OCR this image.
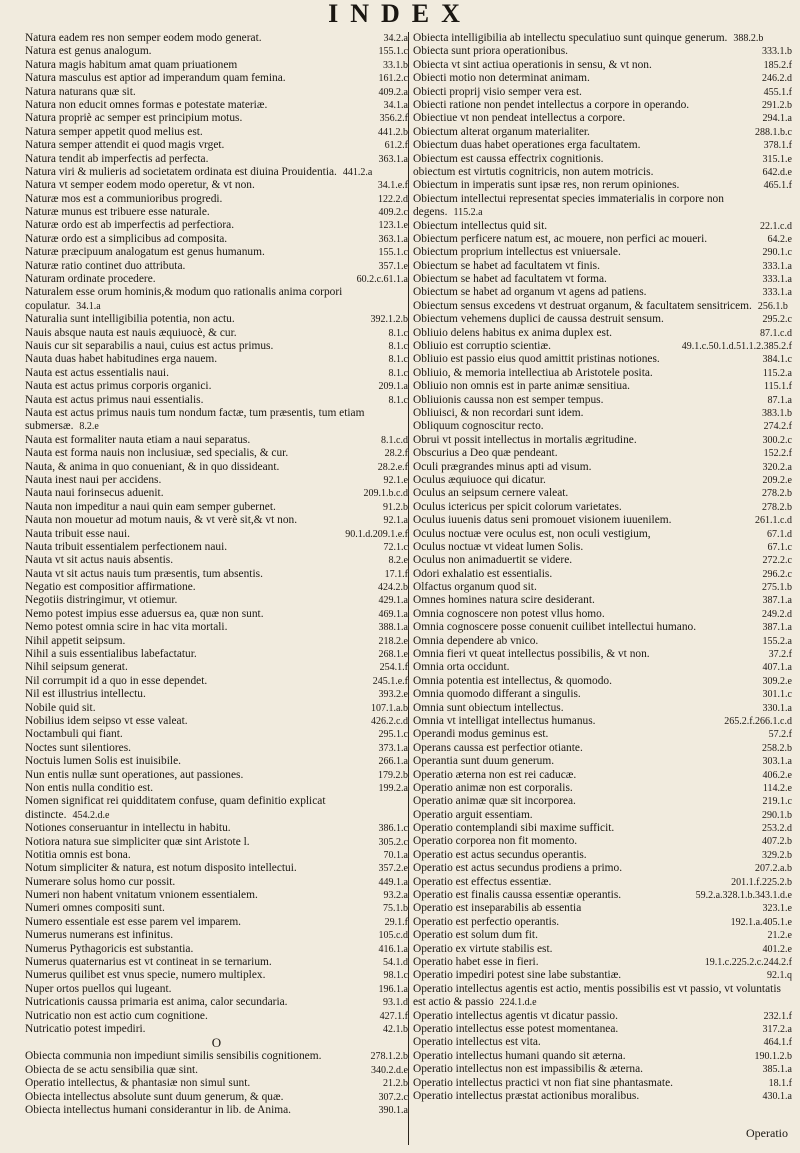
INDEX
Natura eadem res non semper eodem modo generat.	34.2.a
Natura est genus analogum.	155.1.c
Natura magis habitum amat quam priuationem	33.1.b
Natura masculus est aptior ad imperandum quam femina.	161.2.c
Natura naturans quæ sit.	409.2.a
Natura non educit omnes formas e potestate materiæ.	34.1.a
Natura propriè ac semper est principium motus.	356.2.f
Natura semper appetit quod melius est.	441.2.b
Natura semper attendit ei quod magis vrget.	61.2.f
Natura tendit ab imperfectis ad perfecta.	363.1.a
Natura viri & mulieris ad societatem ordinata est diuina Prouidentia. 441.2.a
Natura vt semper eodem modo operetur, & vt non.	34.1.e.f
Naturæ mos est a communioribus progredi.	122.2.d
Naturæ munus est tribuere esse naturale.	409.2.c
Naturæ ordo est ab imperfectis ad perfectiora.	123.1.e
Naturæ ordo est a simplicibus ad composita.	363.1.a
Naturæ præcipuum analogatum est genus humanum.	155.1.c
Naturæ ratio continet duo attributa.	357.1.e
Naturam ordinate procedere.	60.2.c.61.1.a
Naturalem esse orum hominis,& modum quo rationalis anima corpori copulatur. 34.1.a
Naturalia sunt intelligibilia potentia, non actu.	392.1.2.b
Nauis absque nauta est nauis æquiuocè, & cur.	8.1.c
Nauis cur sit separabilis a naui, cuius est actus primus.	8.1.c
Nauta duas habet habitudines erga nauem.	8.1.c
Nauta est actus essentialis naui.	8.1.c
Nauta est actus primus corporis organici.	209.1.a
Nauta est actus primus naui essentialis.	8.1.c
Nauta est actus primus nauis tum nondum factæ, tum præsentis, tum etiam submersæ. 8.2.e
Nauta est formaliter nauta etiam a naui separatus.	8.1.c.d
Nauta est forma nauis non inclusiuæ, sed specialis, & cur.	28.2.f
Nauta, & anima in quo conueniant, & in quo dissideant.	28.2.e.f
Nauta inest naui per accidens.	92.1.e
Nauta naui forinsecus aduenit.	209.1.b.c.d
Nauta non impeditur a naui quin eam semper gubernet.	91.2.b
Nauta non mouetur ad motum nauis, & vt verè sit,& vt non.	92.1.a
Nauta tribuit esse naui.	90.1.d.209.1.e.f
Nauta tribuit essentialem perfectionem naui.	72.1.c
Nauta vt sit actus nauis absentis.	8.2.e
Nauta vt sit actus nauis tum præsentis, tum absentis.	17.1.f
Negatio est compositior affirmatione.	424.2.b
Negotiis distringimur, vt otiemur.	429.1.a
Nemo potest impius esse aduersus ea, quæ non sunt.	469.1.a
Nemo potest omnia scire in hac vita mortali.	388.1.a
Nihil appetit seipsum.	218.2.e
Nihil a suis essentialibus labefactatur.	268.1.e
Nihil seipsum generat.	254.1.f
Nil corrumpit id a quo in esse dependet.	245.1.e.f
Nil est illustrius intellectu.	393.2.e
Nobile quid sit.	107.1.a.b
Nobilius idem seipso vt esse valeat.	426.2.c.d
Noctambuli qui fiant.	295.1.c
Noctes sunt silentiores.	373.1.a
Noctuis lumen Solis est inuisibile.	266.1.a
Nun entis nullæ sunt operationes, aut passiones.	179.2.b
Non entis nulla conditio est.	199.2.a
Nomen significat rei quidditatem confuse, quam definitio explicat distincte. 454.2.d.e
Notiones conseruantur in intellectu in habitu.	386.1.c
Notiora natura sue simpliciter quæ sint Aristote l.	305.2.c
Notitia omnis est bona.	70.1.a
Notum simpliciter & natura, est notum disposito intellectui.	357.2.e
Numerare solus homo cur possit.	449.1.a
Numeri non habent vnitatum vnionem essentialem.	93.2.a
Numeri omnes compositi sunt.	75.1.b
Numero essentiale est esse parem vel imparem.	29.1.f
Numerus numerans est infinitus.	105.c.d
Numerus Pythagoricis est substantia.	416.1.a
Numerus quaternarius est vt contineat in se ternarium.	54.1.d
Numerus quilibet est vnus specie, numero multiplex.	98.1.c
Nuper ortos puellos qui lugeant.	196.1.a
Nutricationis caussa primaria est anima, calor secundaria.	93.1.d
Nutricatio non est actio cum cognitione.	427.1.f
Nutricatio potest impediri.	42.1.b
O
Obiecta communia non impediunt similis sensibilis cognitionem.	278.1.2.b
Obiecta de se actu sensibilia quæ sint.	340.2.d.e
Operatio intellectus, & phantasiæ non simul sunt.	21.2.b
Obiecta intellectus absolute sunt duum generum, & quæ.	307.2.c
Obiecta intellectus humani considerantur in lib. de Anima.	390.1.a
Obiecta intelligibilia ab intellectu speculatiuo sunt quinque generum. 388.2.b
Obiecta sunt priora operationibus.	333.1.b
Obiecta vt sint actiua operationis in sensu, & vt non.	185.2.f
Obiecti motio non determinat animam.	246.2.d
Obiecti proprij visio semper vera est.	455.1.f
Obiecti ratione non pendet intellectus a corpore in operando.	291.2.b
Obiectiue vt non pendeat intellectus a corpore.	294.1.a
Obiectum alterat organum materialiter.	288.1.b.c
Obiectum duas habet operationes erga facultatem.	378.1.f
Obiectum est caussa effectrix cognitionis.	315.1.e
obiectum est virtutis cognitricis, non autem motricis.	642.d.e
Obiectum in imperatis sunt ipsæ res, non rerum opiniones.	465.1.f
Obiectum intellectui representat species immaterialis in corpore non degens. 115.2.a
Obiectum intellectus quid sit.	22.1.c.d
Obiectum perficere natum est, ac mouere, non perfici ac moueri.	64.2.e
Obiectum proprium intellectus est vniuersale.	290.1.c
Obiectum se habet ad facultatem vt finis.	333.1.a
Obiectum se habet ad facultatem vt forma.	333.1.a
Obiectum se habet ad organum vt agens ad patiens.	333.1.a
Obiectum sensus excedens vt destruat organum, & facultatem sensitricem. 256.1.b
Obiectum vehemens duplici de caussa destruit sensum.	295.2.c
Obliuio delens habitus ex anima duplex est.	87.1.c.d
Obliuio est corruptio scientiæ.	49.1.c.50.1.d.51.1.2.385.2.f
Obliuio est passio eius quod amittit pristinas notiones.	384.1.c
Obliuio, & memoria intellectiua ab Aristotele posita.	115.2.a
Obliuio non omnis est in parte animæ sensitiua.	115.1.f
Obliuionis caussa non est semper tempus.	87.1.a
Obliuisci, & non recordari sunt idem.	383.1.b
Obliquum cognoscitur recto.	274.2.f
Obrui vt possit intellectus in mortalis ægritudine.	300.2.c
Obscurius a Deo quæ pendeant.	152.2.f
Oculi prægrandes minus apti ad visum.	320.2.a
Oculus æquiuoce qui dicatur.	209.2.e
Oculus an seipsum cernere valeat.	278.2.b
Oculus ictericus per spicit colorum varietates.	278.2.b
Oculus iuuenis datus seni promouet visionem iuuenilem.	261.1.c.d
Oculus noctuæ vere oculus est, non oculi vestigium,	67.1.d
Oculus noctuæ vt videat lumen Solis.	67.1.c
Oculus non animaduertit se videre.	272.2.c
Odori exhalatio est essentialis.	296.2.c
Olfactus organum quod sit.	275.1.b
Omnes homines natura scire desiderant.	387.1.a
Omnia cognoscere non potest vllus homo.	249.2.d
Omnia cognoscere posse conuenit cuilibet intellectui humano.	387.1.a
Omnia dependere ab vnico.	155.2.a
Omnia fieri vt queat intellectus possibilis, & vt non.	37.2.f
Omnia orta occidunt.	407.1.a
Omnia potentia est intellectus, & quomodo.	309.2.e
Omnia quomodo differant a singulis.	301.1.c
Omnia sunt obiectum intellectus.	330.1.a
Omnia vt intelligat intellectus humanus.	265.2.f.266.1.c.d
Operandi modus geminus est.	57.2.f
Operans caussa est perfectior otiante.	258.2.b
Operantia sunt duum generum.	303.1.a
Operatio æterna non est rei caducæ.	406.2.e
Operatio animæ non est corporalis.	114.2.e
Operatio animæ quæ sit incorporea.	219.1.c
Operatio arguit essentiam.	290.1.b
Operatio contemplandi sibi maxime sufficit.	253.2.d
Operatio corporea non fit momento.	407.2.b
Operatio est actus secundus operantis.	329.2.b
Operatio est actus secundus prodiens a primo.	207.2.a.b
Operatio est effectus essentiæ.	201.1.f.225.2.b
Operatio est finalis caussa essentiæ operantis.	59.2.a.328.1.b.343.1.d.e
Operatio est inseparabilis ab essentia	323.1.e
Operatio est perfectio operantis.	192.1.a.405.1.e
Operatio est solum dum fit.	21.2.e
Operatio ex virtute stabilis est.	401.2.e
Operatio habet esse in fieri.	19.1.c.225.2.c.244.2.f
Operatio impediri potest sine labe substantiæ.	92.1.q
Operatio intellectus agentis est actio, mentis possibilis est vt passio, vt voluntatis est actio & passio 224.1.d.e
Operatio intellectus agentis vt dicatur passio.	232.1.f
Operatio intellectus esse potest momentanea.	317.2.a
Operatio intellectus est vita.	464.1.f
Operatio intellectus humani quando sit æterna.	190.1.2.b
Operatio intellectus non est impassibilis & æterna.	385.1.a
Operatio intellectus practici vt non fiat sine phantasmate.	18.1.f
Operatio intellectus præstat actionibus moralibus.	430.1.a
Operatio
